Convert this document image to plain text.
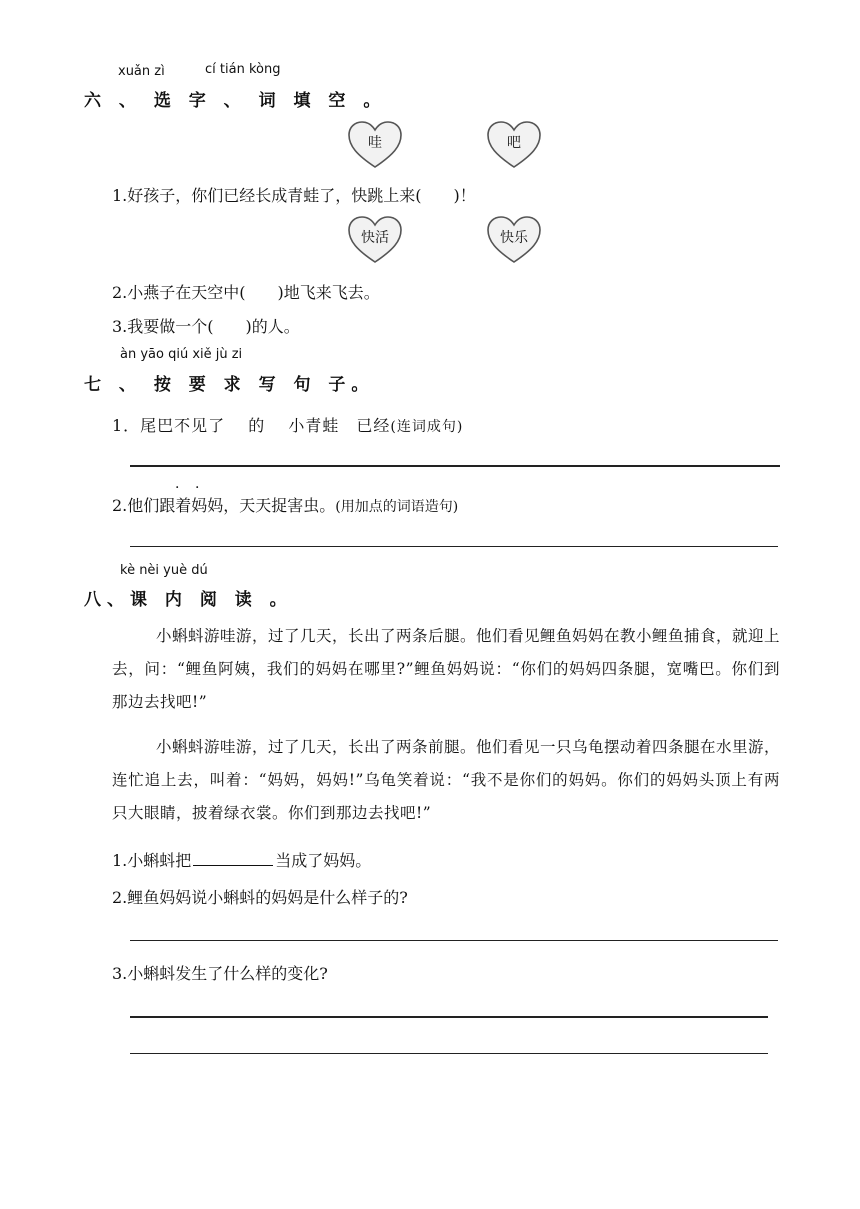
xuǎn zì	cí tián kòng
六 、 选 字 、 词 填 空 。
哇	吧
1.好孩子，你们已经长成青蛙了，快跳上来(　　)！
快活	快乐
2.小燕子在天空中(　　)地飞来飞去。
3.我要做一个(　　)的人。
àn yāo qiú xiě jù zi
七 、 按 要 求 写 句 子。
1．尾巴不见了　 的　 小青蛙　已经(连词成句)
· ·
2.他们跟着妈妈，天天捉害虫。(用加点的词语造句)
kè nèi yuè dú
八、课 内 阅 读 。
小蝌蚪游哇游，过了几天，长出了两条后腿。他们看见鲤鱼妈妈在教小鲤鱼捕食，就迎上去，问：“鲤鱼阿姨，我们的妈妈在哪里?”鲤鱼妈妈说：“你们的妈妈四条腿，宽嘴巴。你们到那边去找吧!”
小蝌蚪游哇游，过了几天，长出了两条前腿。他们看见一只乌龟摆动着四条腿在水里游，连忙追上去，叫着：“妈妈，妈妈!”乌龟笑着说：“我不是你们的妈妈。你们的妈妈头顶上有两只大眼睛，披着绿衣裳。你们到那边去找吧!”
1.小蝌蚪把	当成了妈妈。
2.鲤鱼妈妈说小蝌蚪的妈妈是什么样子的?
3.小蝌蚪发生了什么样的变化?
